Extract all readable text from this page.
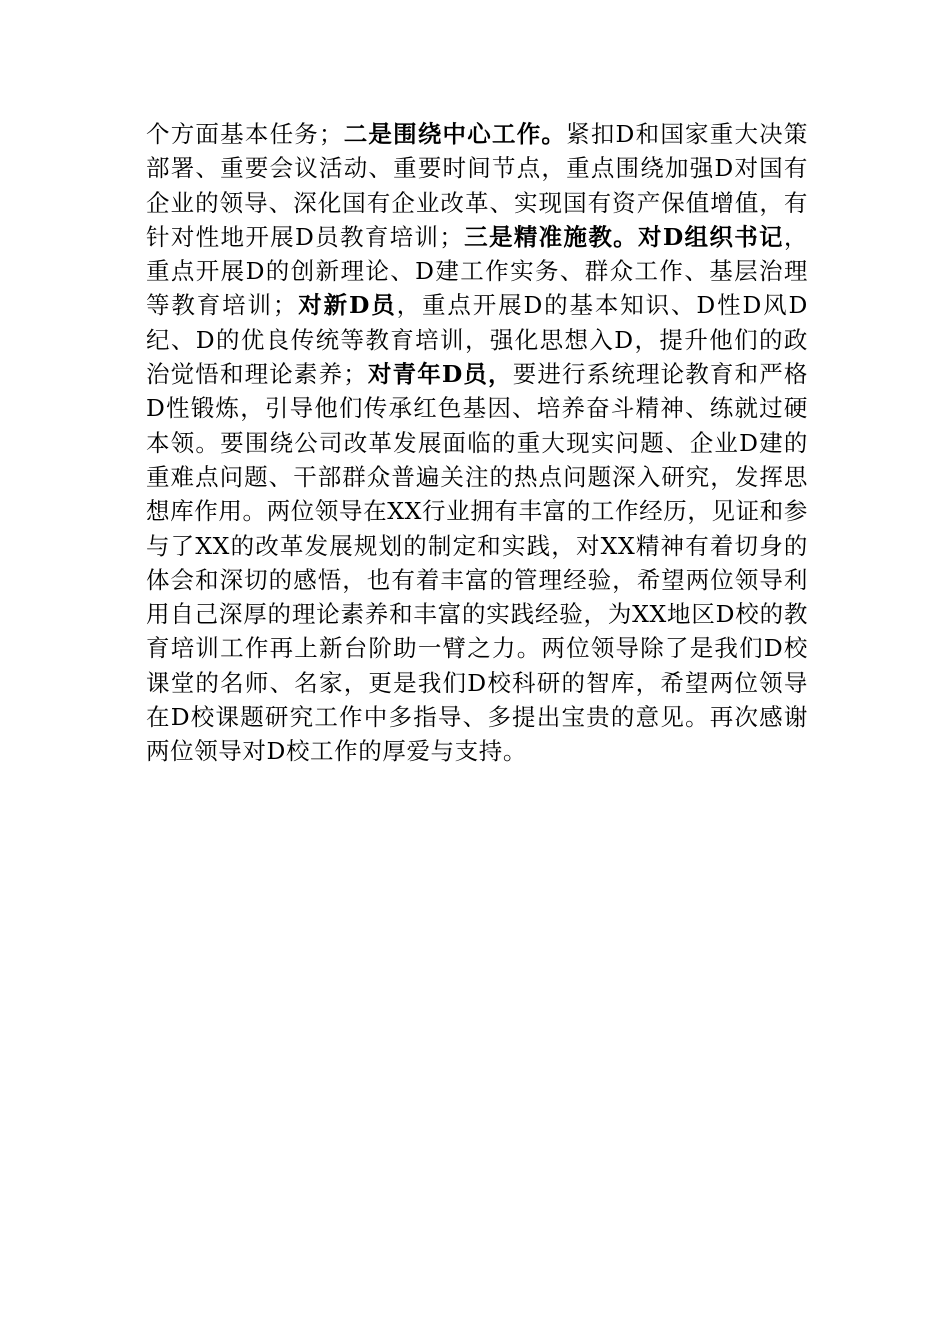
个方面基本任务；二是围绕中心工作。紧扣D和国家重大决策部署、重要会议活动、重要时间节点，重点围绕加强D对国有企业的领导、深化国有企业改革、实现国有资产保值增值，有针对性地开展D员教育培训；三是精准施教。对D组织书记，重点开展D的创新理论、D建工作实务、群众工作、基层治理等教育培训；对新D员，重点开展D的基本知识、D性D风D纪、D的优良传统等教育培训，强化思想入D，提升他们的政治觉悟和理论素养；对青年D员，要进行系统理论教育和严格D性锻炼，引导他们传承红色基因、培养奋斗精神、练就过硬本领。要围绕公司改革发展面临的重大现实问题、企业D建的重难点问题、干部群众普遍关注的热点问题深入研究，发挥思想库作用。两位领导在XX行业拥有丰富的工作经历，见证和参与了XX的改革发展规划的制定和实践，对XX精神有着切身的体会和深切的感悟，也有着丰富的管理经验，希望两位领导利用自己深厚的理论素养和丰富的实践经验，为XX地区D校的教育培训工作再上新台阶助一臂之力。两位领导除了是我们D校课堂的名师、名家，更是我们D校科研的智库，希望两位领导在D校课题研究工作中多指导、多提出宝贵的意见。再次感谢两位领导对D校工作的厚爱与支持。
